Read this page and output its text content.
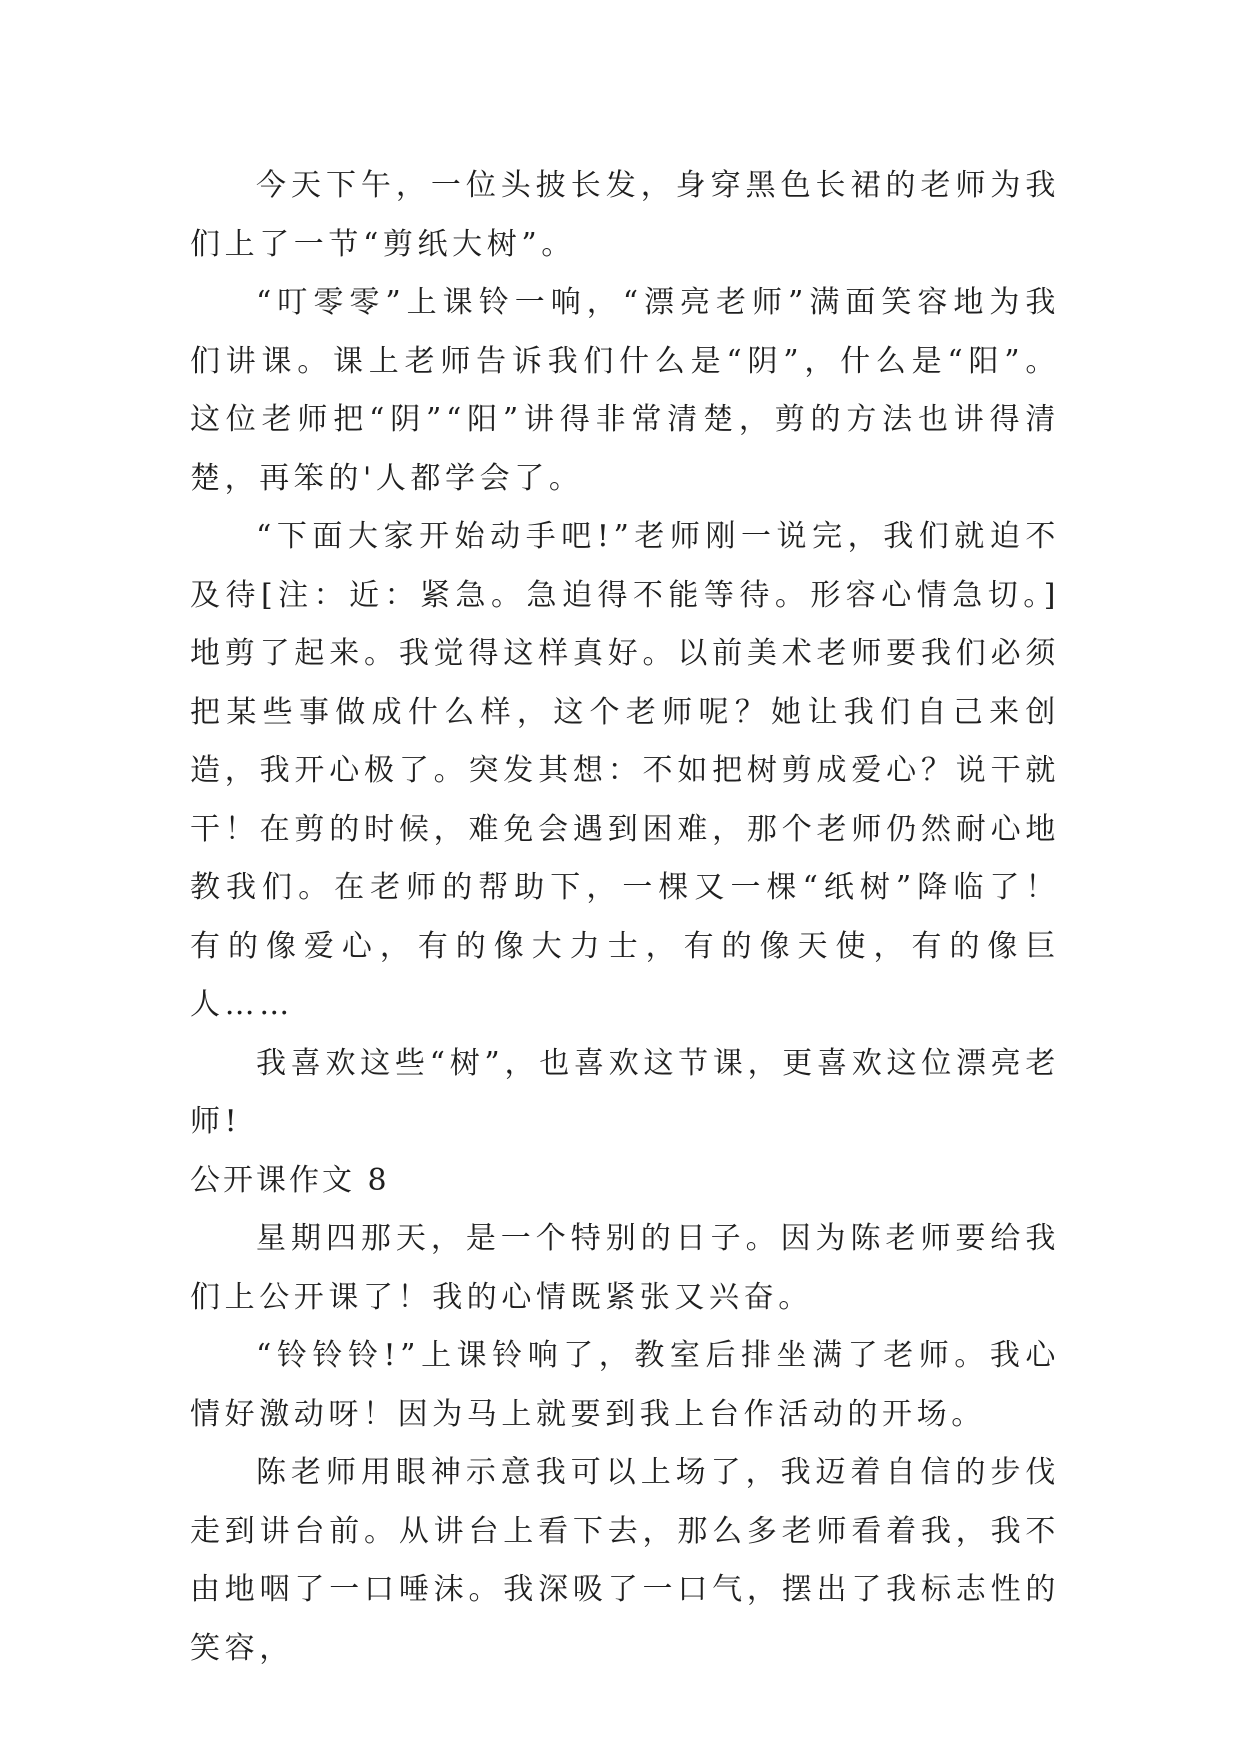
今天下午，一位头披长发，身穿黑色长裙的老师为我们上了一节“剪纸大树”。

“叮零零”上课铃一响，“漂亮老师”满面笑容地为我们讲课。课上老师告诉我们什么是“阴”，什么是“阳”。这位老师把“阴”“阳”讲得非常清楚，剪的方法也讲得清楚，再笨的'人都学会了。

“下面大家开始动手吧!”老师刚一说完，我们就迫不及待[注：近：紧急。急迫得不能等待。形容心情急切。]地剪了起来。我觉得这样真好。以前美术老师要我们必须把某些事做成什么样，这个老师呢？她让我们自己来创造，我开心极了。突发其想：不如把树剪成爱心？说干就干！在剪的时候，难免会遇到困难，那个老师仍然耐心地教我们。在老师的帮助下，一棵又一棵“纸树”降临了！有的像爱心，有的像大力士，有的像天使，有的像巨人……

我喜欢这些“树”，也喜欢这节课，更喜欢这位漂亮老师!

公开课作文 8

星期四那天，是一个特别的日子。因为陈老师要给我们上公开课了！我的心情既紧张又兴奋。

“铃铃铃!”上课铃响了，教室后排坐满了老师。我心情好激动呀！因为马上就要到我上台作活动的开场。

陈老师用眼神示意我可以上场了，我迈着自信的步伐走到讲台前。从讲台上看下去，那么多老师看着我，我不由地咽了一口唾沫。我深吸了一口气，摆出了我标志性的笑容，
